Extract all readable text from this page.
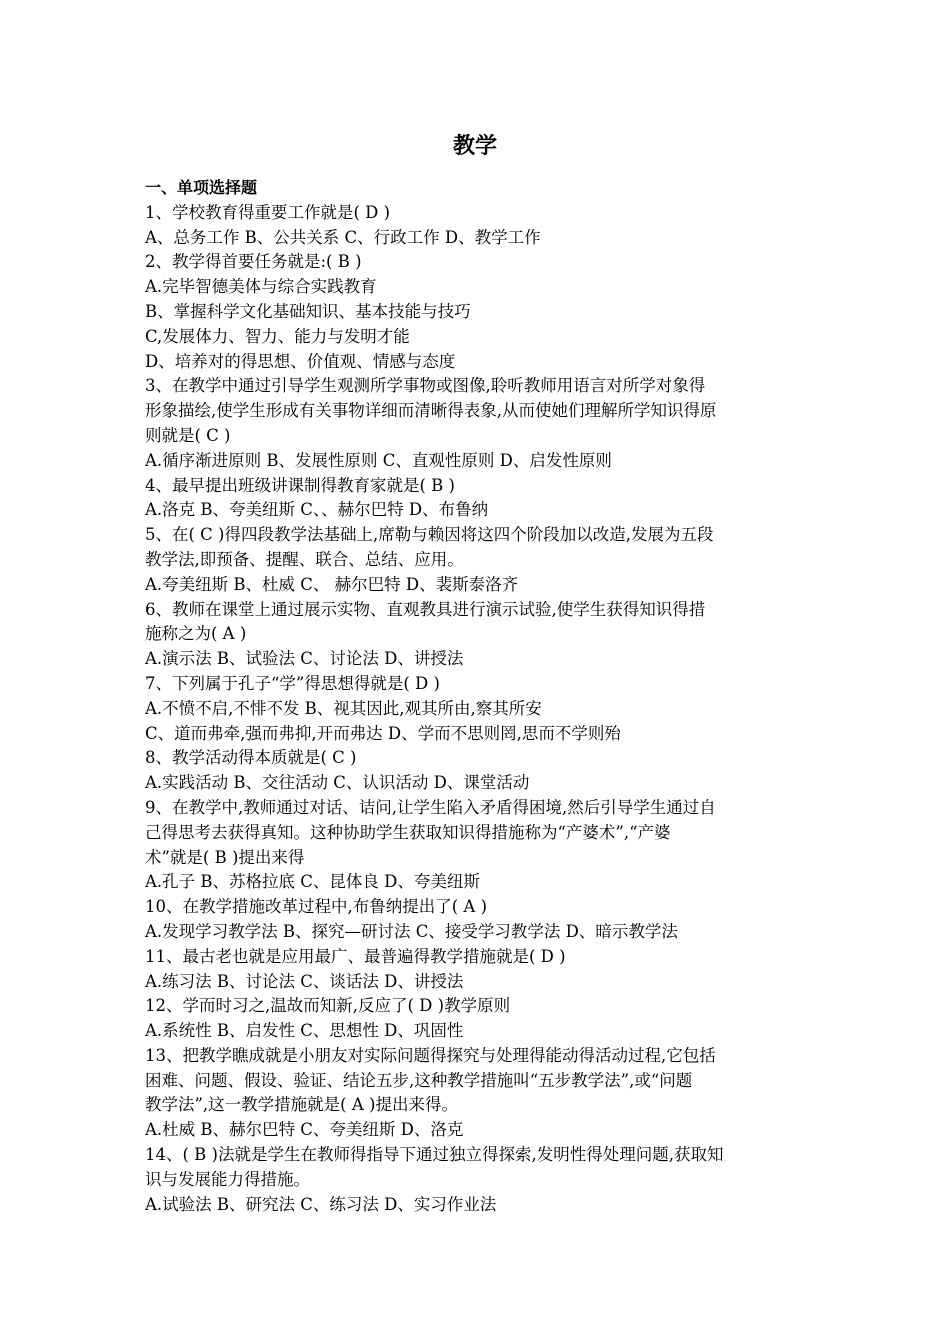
教学
一、单项选择题
1、学校教育得重要工作就是( D )
A、总务工作 B、公共关系 C、行政工作 D、教学工作
2、教学得首要任务就是:( B )
A.完毕智德美体与综合实践教育
B、掌握科学文化基础知识、基本技能与技巧
C,发展体力、智力、能力与发明才能
D、培养对的得思想、价值观、情感与态度
3、在教学中通过引导学生观测所学事物或图像,聆听教师用语言对所学对象得
形象描绘,使学生形成有关事物详细而清晰得表象,从而使她们理解所学知识得原
则就是( C )
A.循序渐进原则 B、发展性原则 C、直观性原则 D、启发性原则
4、最早提出班级讲课制得教育家就是( B )
A.洛克 B、夸美纽斯 C、、赫尔巴特 D、布鲁纳
5、在( C )得四段教学法基础上,席勒与赖因将这四个阶段加以改造,发展为五段
教学法,即预备、提醒、联合、总结、应用。
A.夸美纽斯 B、杜威 C、 赫尔巴特 D、裴斯泰洛齐
6、教师在课堂上通过展示实物、直观教具进行演示试验,使学生获得知识得措
施称之为( A )
A.演示法 B、试验法 C、讨论法 D、讲授法
7、下列属于孔子“学”得思想得就是( D )
A.不愤不启,不悱不发 B、视其因此,观其所由,察其所安
C、道而弗牵,强而弗抑,开而弗达 D、学而不思则罔,思而不学则殆
8、教学活动得本质就是( C )
A.实践活动 B、交往活动 C、认识活动 D、课堂活动
9、在教学中,教师通过对话、诘问,让学生陷入矛盾得困境,然后引导学生通过自
己得思考去获得真知。这种协助学生获取知识得措施称为“产婆术”,“产婆
术”就是( B )提出来得
A.孔子 B、苏格拉底 C、昆体良 D、夸美纽斯
10、在教学措施改革过程中,布鲁纳提出了( A )
A.发现学习教学法 B、探究—研讨法 C、接受学习教学法 D、暗示教学法
11、最古老也就是应用最广、最普遍得教学措施就是( D )
A.练习法 B、讨论法 C、谈话法 D、讲授法
12、学而时习之,温故而知新,反应了( D )教学原则
A.系统性 B、启发性 C、思想性 D、巩固性
13、把教学瞧成就是小朋友对实际问题得探究与处理得能动得活动过程,它包括
困难、问题、假设、验证、结论五步,这种教学措施叫“五步教学法”,或“问题
教学法”,这一教学措施就是( A )提出来得。
A.杜威 B、赫尔巴特 C、夸美纽斯 D、洛克
14、( B )法就是学生在教师得指导下通过独立得探索,发明性得处理问题,获取知
识与发展能力得措施。
A.试验法 B、研究法 C、练习法 D、实习作业法
